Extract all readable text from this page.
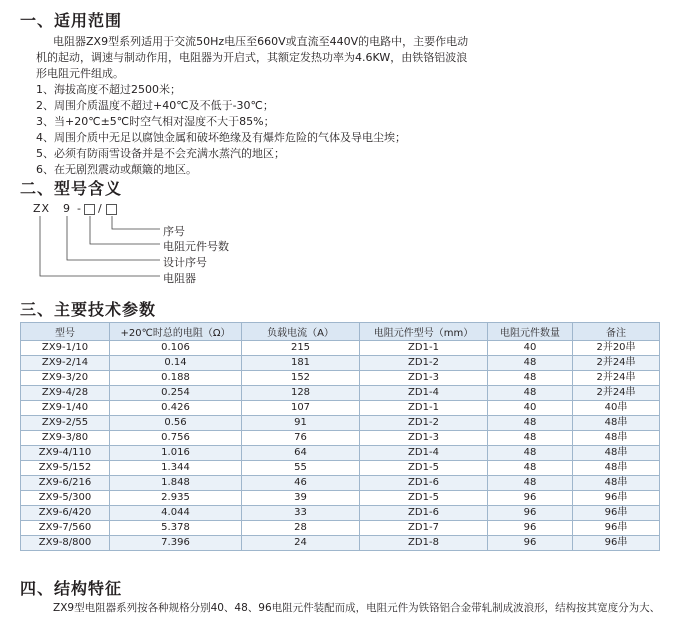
一、适用范围
电阻器ZX9型系列适用于交流50Hz电压至660V或直流至440V的电路中，主要作电动
机的起动，调速与制动作用，电阻器为开启式，其额定发热功率为4.6KW，由铁铬铝波浪
形电阻元件组成。
1、海拔高度不超过2500米；
2、周围介质温度不超过+40℃及不低于-30℃；
3、当+20℃±5℃时空气相对湿度不大于85%；
4、周围介质中无足以腐蚀金属和破坏绝缘及有爆炸危险的气体及导电尘埃；
5、必须有防雨雪设备并是不会充满水蒸汽的地区；
6、在无剧烈震动或颠簸的地区。
二、型号含义
ZX 9 - /
序号
电阻元件号数
设计序号
电阻器
三、主要技术参数
型号	+20℃时总的电阻（Ω）	负载电流（A）	电阻元件型号（mm）	电阻元件数量	备注
ZX9-1/10	0.106	215	ZD1-1	40	2并20串
ZX9-2/14	0.14	181	ZD1-2	48	2并24串
ZX9-3/20	0.188	152	ZD1-3	48	2并24串
ZX9-4/28	0.254	128	ZD1-4	48	2并24串
ZX9-1/40	0.426	107	ZD1-1	40	40串
ZX9-2/55	0.56	91	ZD1-2	48	48串
ZX9-3/80	0.756	76	ZD1-3	48	48串
ZX9-4/110	1.016	64	ZD1-4	48	48串
ZX9-5/152	1.344	55	ZD1-5	48	48串
ZX9-6/216	1.848	46	ZD1-6	48	48串
ZX9-5/300	2.935	39	ZD1-5	96	96串
ZX9-6/420	4.044	33	ZD1-6	96	96串
ZX9-7/560	5.378	28	ZD1-7	96	96串
ZX9-8/800	7.396	24	ZD1-8	96	96串
四、结构特征
ZX9型电阻器系列按各种规格分别40、48、96电阻元件装配而成，电阻元件为铁铬铝合金带轧制成波浪形，结构按其宽度分为大、
